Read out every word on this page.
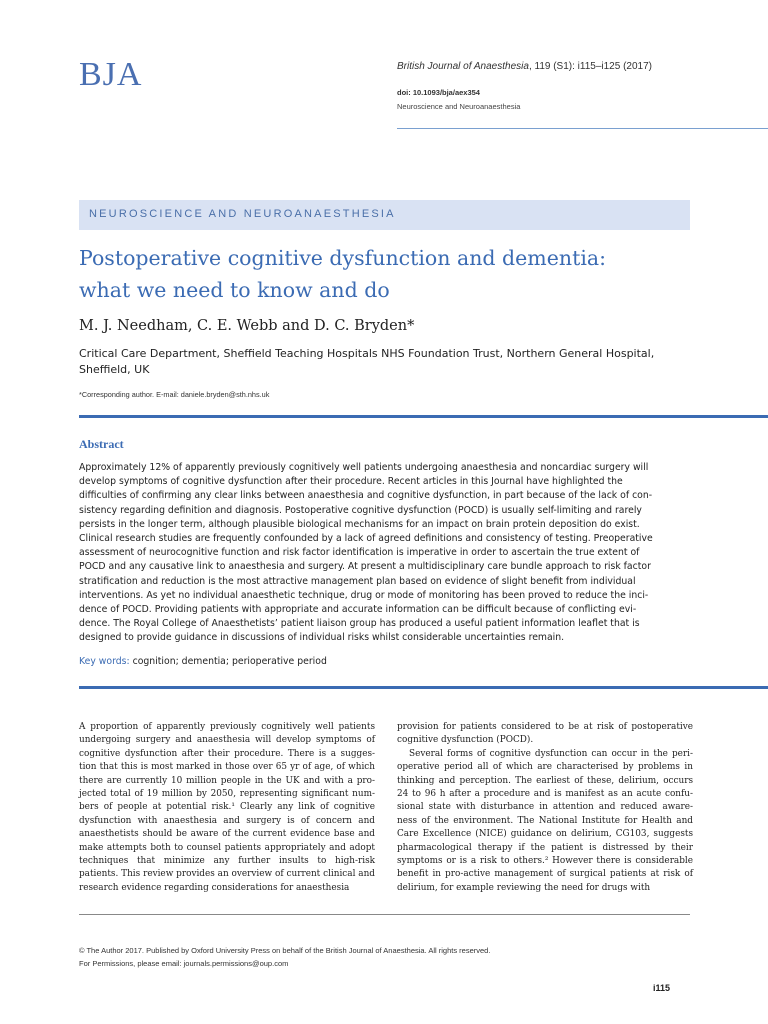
BJA	British Journal of Anaesthesia, 119 (S1): i115–i125 (2017)
doi: 10.1093/bja/aex354
Neuroscience and Neuroanaesthesia
NEUROSCIENCE AND NEUROANAESTHESIA
Postoperative cognitive dysfunction and dementia:
what we need to know and do
M. J. Needham, C. E. Webb and D. C. Bryden*
Critical Care Department, Sheffield Teaching Hospitals NHS Foundation Trust, Northern General Hospital,
Sheffield, UK
*Corresponding author. E-mail: daniele.bryden@sth.nhs.uk
Abstract

Approximately 12% of apparently previously cognitively well patients undergoing anaesthesia and noncardiac surgery will

develop symptoms of cognitive dysfunction after their procedure. Recent articles in this Journal have highlighted the

difficulties of confirming any clear links between anaesthesia and cognitive dysfunction, in part because of the lack of con-

sistency regarding definition and diagnosis. Postoperative cognitive dysfunction (POCD) is usually self-limiting and rarely

persists in the longer term, although plausible biological mechanisms for an impact on brain protein deposition do exist.

Clinical research studies are frequently confounded by a lack of agreed definitions and consistency of testing. Preoperative

assessment of neurocognitive function and risk factor identification is imperative in order to ascertain the true extent of

POCD and any causative link to anaesthesia and surgery. At present a multidisciplinary care bundle approach to risk factor

stratification and reduction is the most attractive management plan based on evidence of slight benefit from individual

interventions. As yet no individual anaesthetic technique, drug or mode of monitoring has been proved to reduce the inci-

dence of POCD. Providing patients with appropriate and accurate information can be difficult because of conflicting evi-

dence. The Royal College of Anaesthetists’ patient liaison group has produced a useful patient information leaflet that is

designed to provide guidance in discussions of individual risks whilst considerable uncertainties remain.

Key words: cognition; dementia; perioperative period

A proportion of apparently previously cognitively well patients undergoing surgery and anaesthesia will develop symptoms of cognitive dysfunction after their procedure. There is a sugges-tion that this is most marked in those over 65 yr of age, of which there are currently 10 million people in the UK and with a pro-jected total of 19 million by 2050, representing significant num-bers of people at potential risk.¹ Clearly any link of cognitive dysfunction with anaesthesia and surgery is of concern and anaesthetists should be aware of the current evidence base and make attempts both to counsel patients appropriately and adopt techniques that minimize any further insults to high-risk patients. This review provides an overview of current clinical and research evidence regarding considerations for anaesthesia

provision for patients considered to be at risk of postoperative cognitive dysfunction (POCD).

Several forms of cognitive dysfunction can occur in the peri-operative period all of which are characterised by problems in thinking and perception. The earliest of these, delirium, occurs 24 to 96 h after a procedure and is manifest as an acute confu-sional state with disturbance in attention and reduced aware-ness of the environment. The National Institute for Health and Care Excellence (NICE) guidance on delirium, CG103, suggests pharmacological therapy if the patient is distressed by their symptoms or is a risk to others.² However there is considerable benefit in pro-active management of surgical patients at risk of delirium, for example reviewing the need for drugs with

© The Author 2017. Published by Oxford University Press on behalf of the British Journal of Anaesthesia. All rights reserved.
For Permissions, please email: journals.permissions@oup.com
i115
